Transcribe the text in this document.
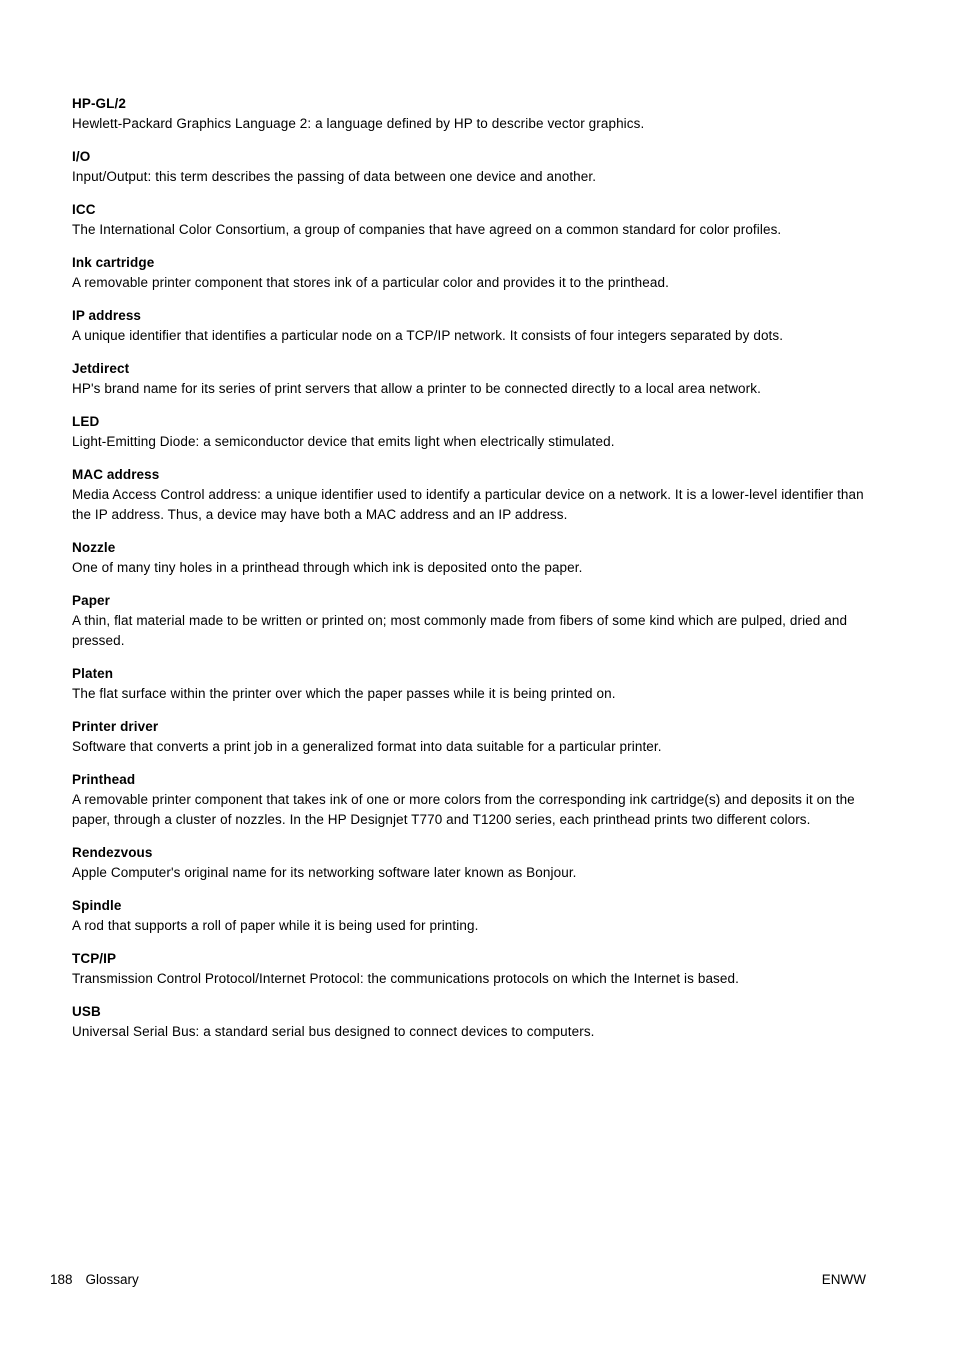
HP-GL/2
Hewlett-Packard Graphics Language 2: a language defined by HP to describe vector graphics.
I/O
Input/Output: this term describes the passing of data between one device and another.
ICC
The International Color Consortium, a group of companies that have agreed on a common standard for color profiles.
Ink cartridge
A removable printer component that stores ink of a particular color and provides it to the printhead.
IP address
A unique identifier that identifies a particular node on a TCP/IP network. It consists of four integers separated by dots.
Jetdirect
HP's brand name for its series of print servers that allow a printer to be connected directly to a local area network.
LED
Light-Emitting Diode: a semiconductor device that emits light when electrically stimulated.
MAC address
Media Access Control address: a unique identifier used to identify a particular device on a network. It is a lower-level identifier than the IP address. Thus, a device may have both a MAC address and an IP address.
Nozzle
One of many tiny holes in a printhead through which ink is deposited onto the paper.
Paper
A thin, flat material made to be written or printed on; most commonly made from fibers of some kind which are pulped, dried and pressed.
Platen
The flat surface within the printer over which the paper passes while it is being printed on.
Printer driver
Software that converts a print job in a generalized format into data suitable for a particular printer.
Printhead
A removable printer component that takes ink of one or more colors from the corresponding ink cartridge(s) and deposits it on the paper, through a cluster of nozzles. In the HP Designjet T770 and T1200 series, each printhead prints two different colors.
Rendezvous
Apple Computer's original name for its networking software later known as Bonjour.
Spindle
A rod that supports a roll of paper while it is being used for printing.
TCP/IP
Transmission Control Protocol/Internet Protocol: the communications protocols on which the Internet is based.
USB
Universal Serial Bus: a standard serial bus designed to connect devices to computers.
188 Glossary	ENWW
